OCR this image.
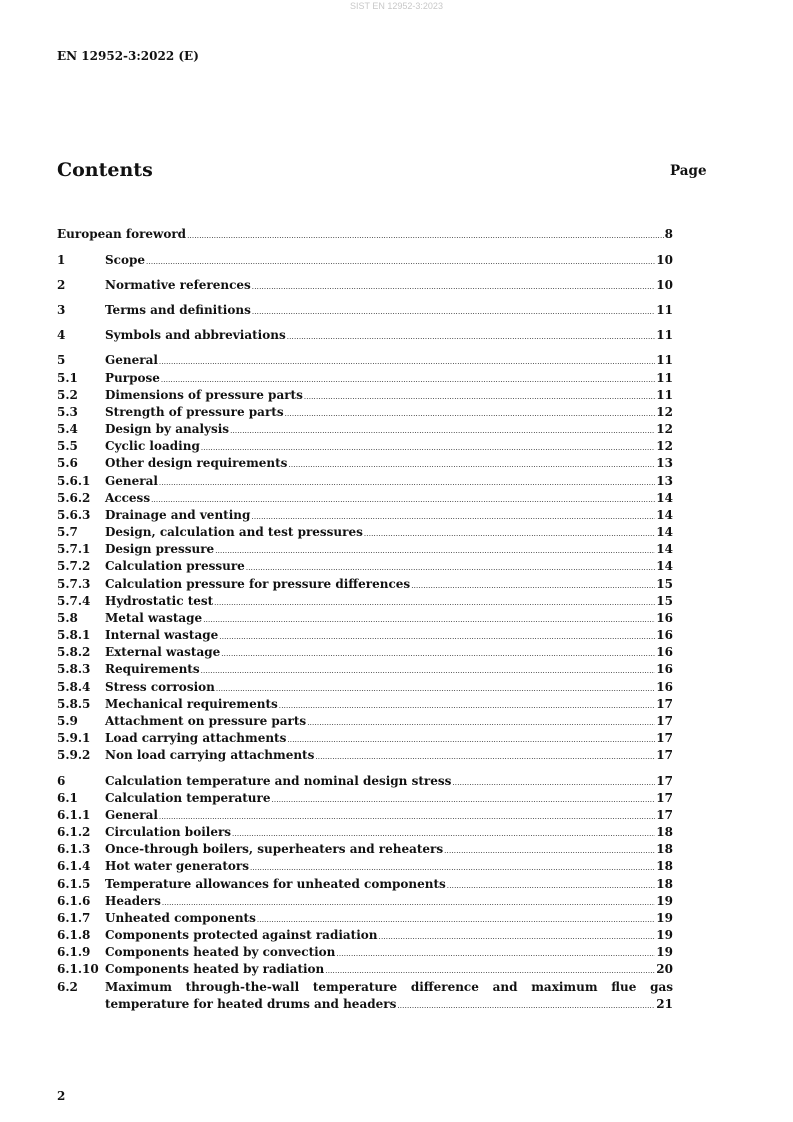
SIST EN 12952-3:2023
EN 12952-3:2022 (E)
Contents	Page
European foreword .....	8
1	Scope .....	10
2	Normative references .....	10
3	Terms and definitions .....	11
4	Symbols and abbreviations .....	11
5	General .....	11
5.1 Purpose .....	11
5.2 Dimensions of pressure parts .....	11
5.3 Strength of pressure parts .....	12
5.4 Design by analysis .....	12
5.5 Cyclic loading .....	12
5.6 Other design requirements .....	13
5.6.1 General .....	13
5.6.2 Access .....	14
5.6.3 Drainage and venting .....	14
5.7 Design, calculation and test pressures .....	14
5.7.1 Design pressure .....	14
5.7.2 Calculation pressure .....	14
5.7.3 Calculation pressure for pressure differences .....	15
5.7.4 Hydrostatic test .....	15
5.8 Metal wastage .....	16
5.8.1 Internal wastage .....	16
5.8.2 External wastage .....	16
5.8.3 Requirements .....	16
5.8.4 Stress corrosion .....	16
5.8.5 Mechanical requirements .....	17
5.9 Attachment on pressure parts .....	17
5.9.1 Load carrying attachments .....	17
5.9.2 Non load carrying attachments .....	17
6	Calculation temperature and nominal design stress .....	17
6.1 Calculation temperature .....	17
6.1.1 General .....	17
6.1.2 Circulation boilers .....	18
6.1.3 Once-through boilers, superheaters and reheaters .....	18
6.1.4 Hot water generators .....	18
6.1.5 Temperature allowances for unheated components .....	18
6.1.6 Headers .....	19
6.1.7 Unheated components .....	19
6.1.8 Components protected against radiation .....	19
6.1.9 Components heated by convection .....	19
6.1.10 Components heated by radiation .....	20
6.2 Maximum through-the-wall temperature difference and maximum flue gas
temperature for heated drums and headers .....	21
2
